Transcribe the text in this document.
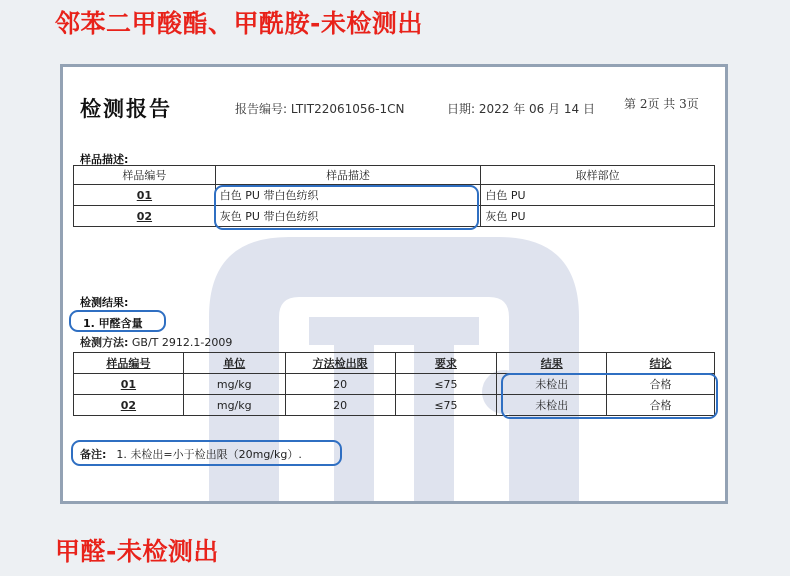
邻苯二甲酸酯、甲酰胺-未检测出
检测报告	报告编号: LTIT22061056-1CN	日期: 2022 年 06 月 14 日 第 2页 共 3页
样品描述:
样品编号	样品描述	取样部位
01	白色 PU 带白色纺织	白色 PU
02	灰色 PU 带白色纺织	灰色 PU
检测结果:
1. 甲醛含量
检测方法: GB/T 2912.1-2009
样品编号	单位	方法检出限	要求	结果	结论
01	mg/kg	20	≤75	未检出	合格
02	mg/kg	20	≤75	未检出	合格
备注: 1. 未检出=小于检出限（20mg/kg）.
甲醛-未检测出
